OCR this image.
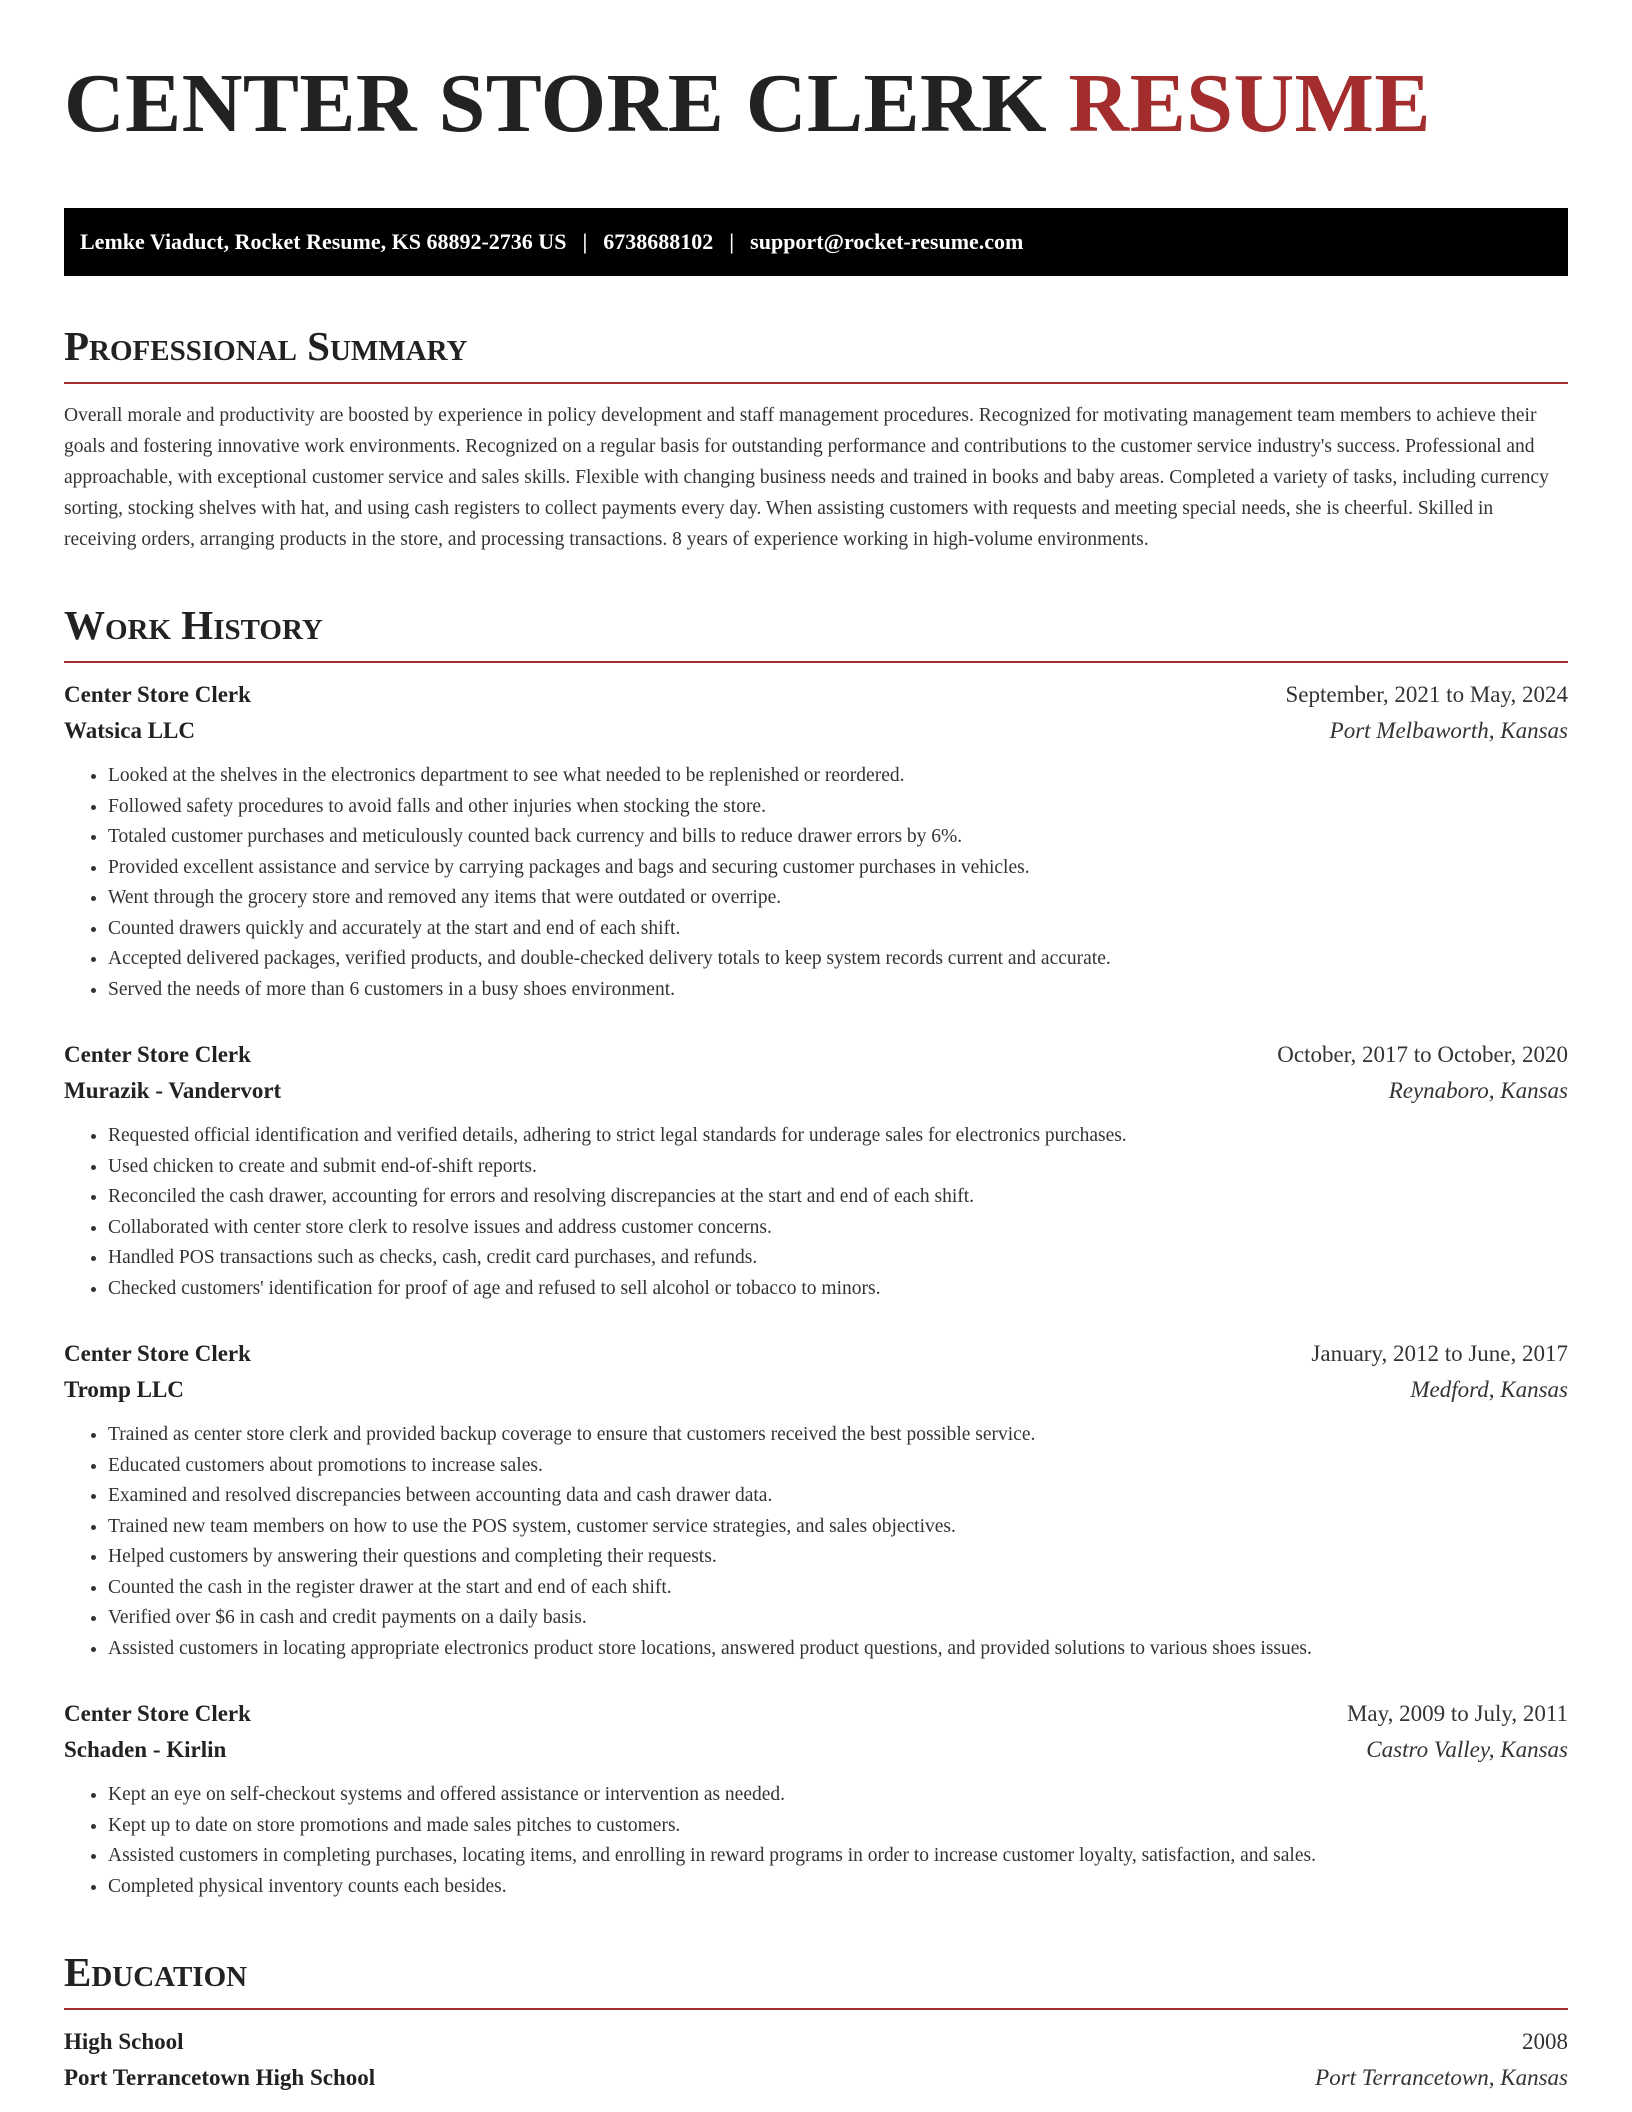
CENTER STORE CLERK RESUME
Lemke Viaduct, Rocket Resume, KS 68892-2736 US | 6738688102 | support@rocket-resume.com
Professional Summary

Overall morale and productivity are boosted by experience in policy development and staff management procedures. Recognized for motivating management team members to achieve their goals and fostering innovative work environments. Recognized on a regular basis for outstanding performance and contributions to the customer service industry's success. Professional and approachable, with exceptional customer service and sales skills. Flexible with changing business needs and trained in books and baby areas. Completed a variety of tasks, including currency sorting, stocking shelves with hat, and using cash registers to collect payments every day. When assisting customers with requests and meeting special needs, she is cheerful. Skilled in receiving orders, arranging products in the store, and processing transactions. 8 years of experience working in high-volume environments.

Work History
Center Store Clerk	September, 2021 to May, 2024
Watsica LLC	Port Melbaworth, Kansas
• Looked at the shelves in the electronics department to see what needed to be replenished or reordered.
• Followed safety procedures to avoid falls and other injuries when stocking the store.
• Totaled customer purchases and meticulously counted back currency and bills to reduce drawer errors by 6%.
• Provided excellent assistance and service by carrying packages and bags and securing customer purchases in vehicles.
• Went through the grocery store and removed any items that were outdated or overripe.
• Counted drawers quickly and accurately at the start and end of each shift.
• Accepted delivered packages, verified products, and double-checked delivery totals to keep system records current and accurate.
• Served the needs of more than 6 customers in a busy shoes environment.
Center Store Clerk	October, 2017 to October, 2020
Murazik - Vandervort	Reynaboro, Kansas
• Requested official identification and verified details, adhering to strict legal standards for underage sales for electronics purchases.
• Used chicken to create and submit end-of-shift reports.
• Reconciled the cash drawer, accounting for errors and resolving discrepancies at the start and end of each shift.
• Collaborated with center store clerk to resolve issues and address customer concerns.
• Handled POS transactions such as checks, cash, credit card purchases, and refunds.
• Checked customers' identification for proof of age and refused to sell alcohol or tobacco to minors.
Center Store Clerk	January, 2012 to June, 2017
Tromp LLC	Medford, Kansas
• Trained as center store clerk and provided backup coverage to ensure that customers received the best possible service.
• Educated customers about promotions to increase sales.
• Examined and resolved discrepancies between accounting data and cash drawer data.
• Trained new team members on how to use the POS system, customer service strategies, and sales objectives.
• Helped customers by answering their questions and completing their requests.
• Counted the cash in the register drawer at the start and end of each shift.
• Verified over $6 in cash and credit payments on a daily basis.
• Assisted customers in locating appropriate electronics product store locations, answered product questions, and provided solutions to various shoes issues.
Center Store Clerk	May, 2009 to July, 2011
Schaden - Kirlin	Castro Valley, Kansas
• Kept an eye on self-checkout systems and offered assistance or intervention as needed.
• Kept up to date on store promotions and made sales pitches to customers.
• Assisted customers in completing purchases, locating items, and enrolling in reward programs in order to increase customer loyalty, satisfaction, and sales.
• Completed physical inventory counts each besides.
Education
High School	2008
Port Terrancetown High School	Port Terrancetown, Kansas
